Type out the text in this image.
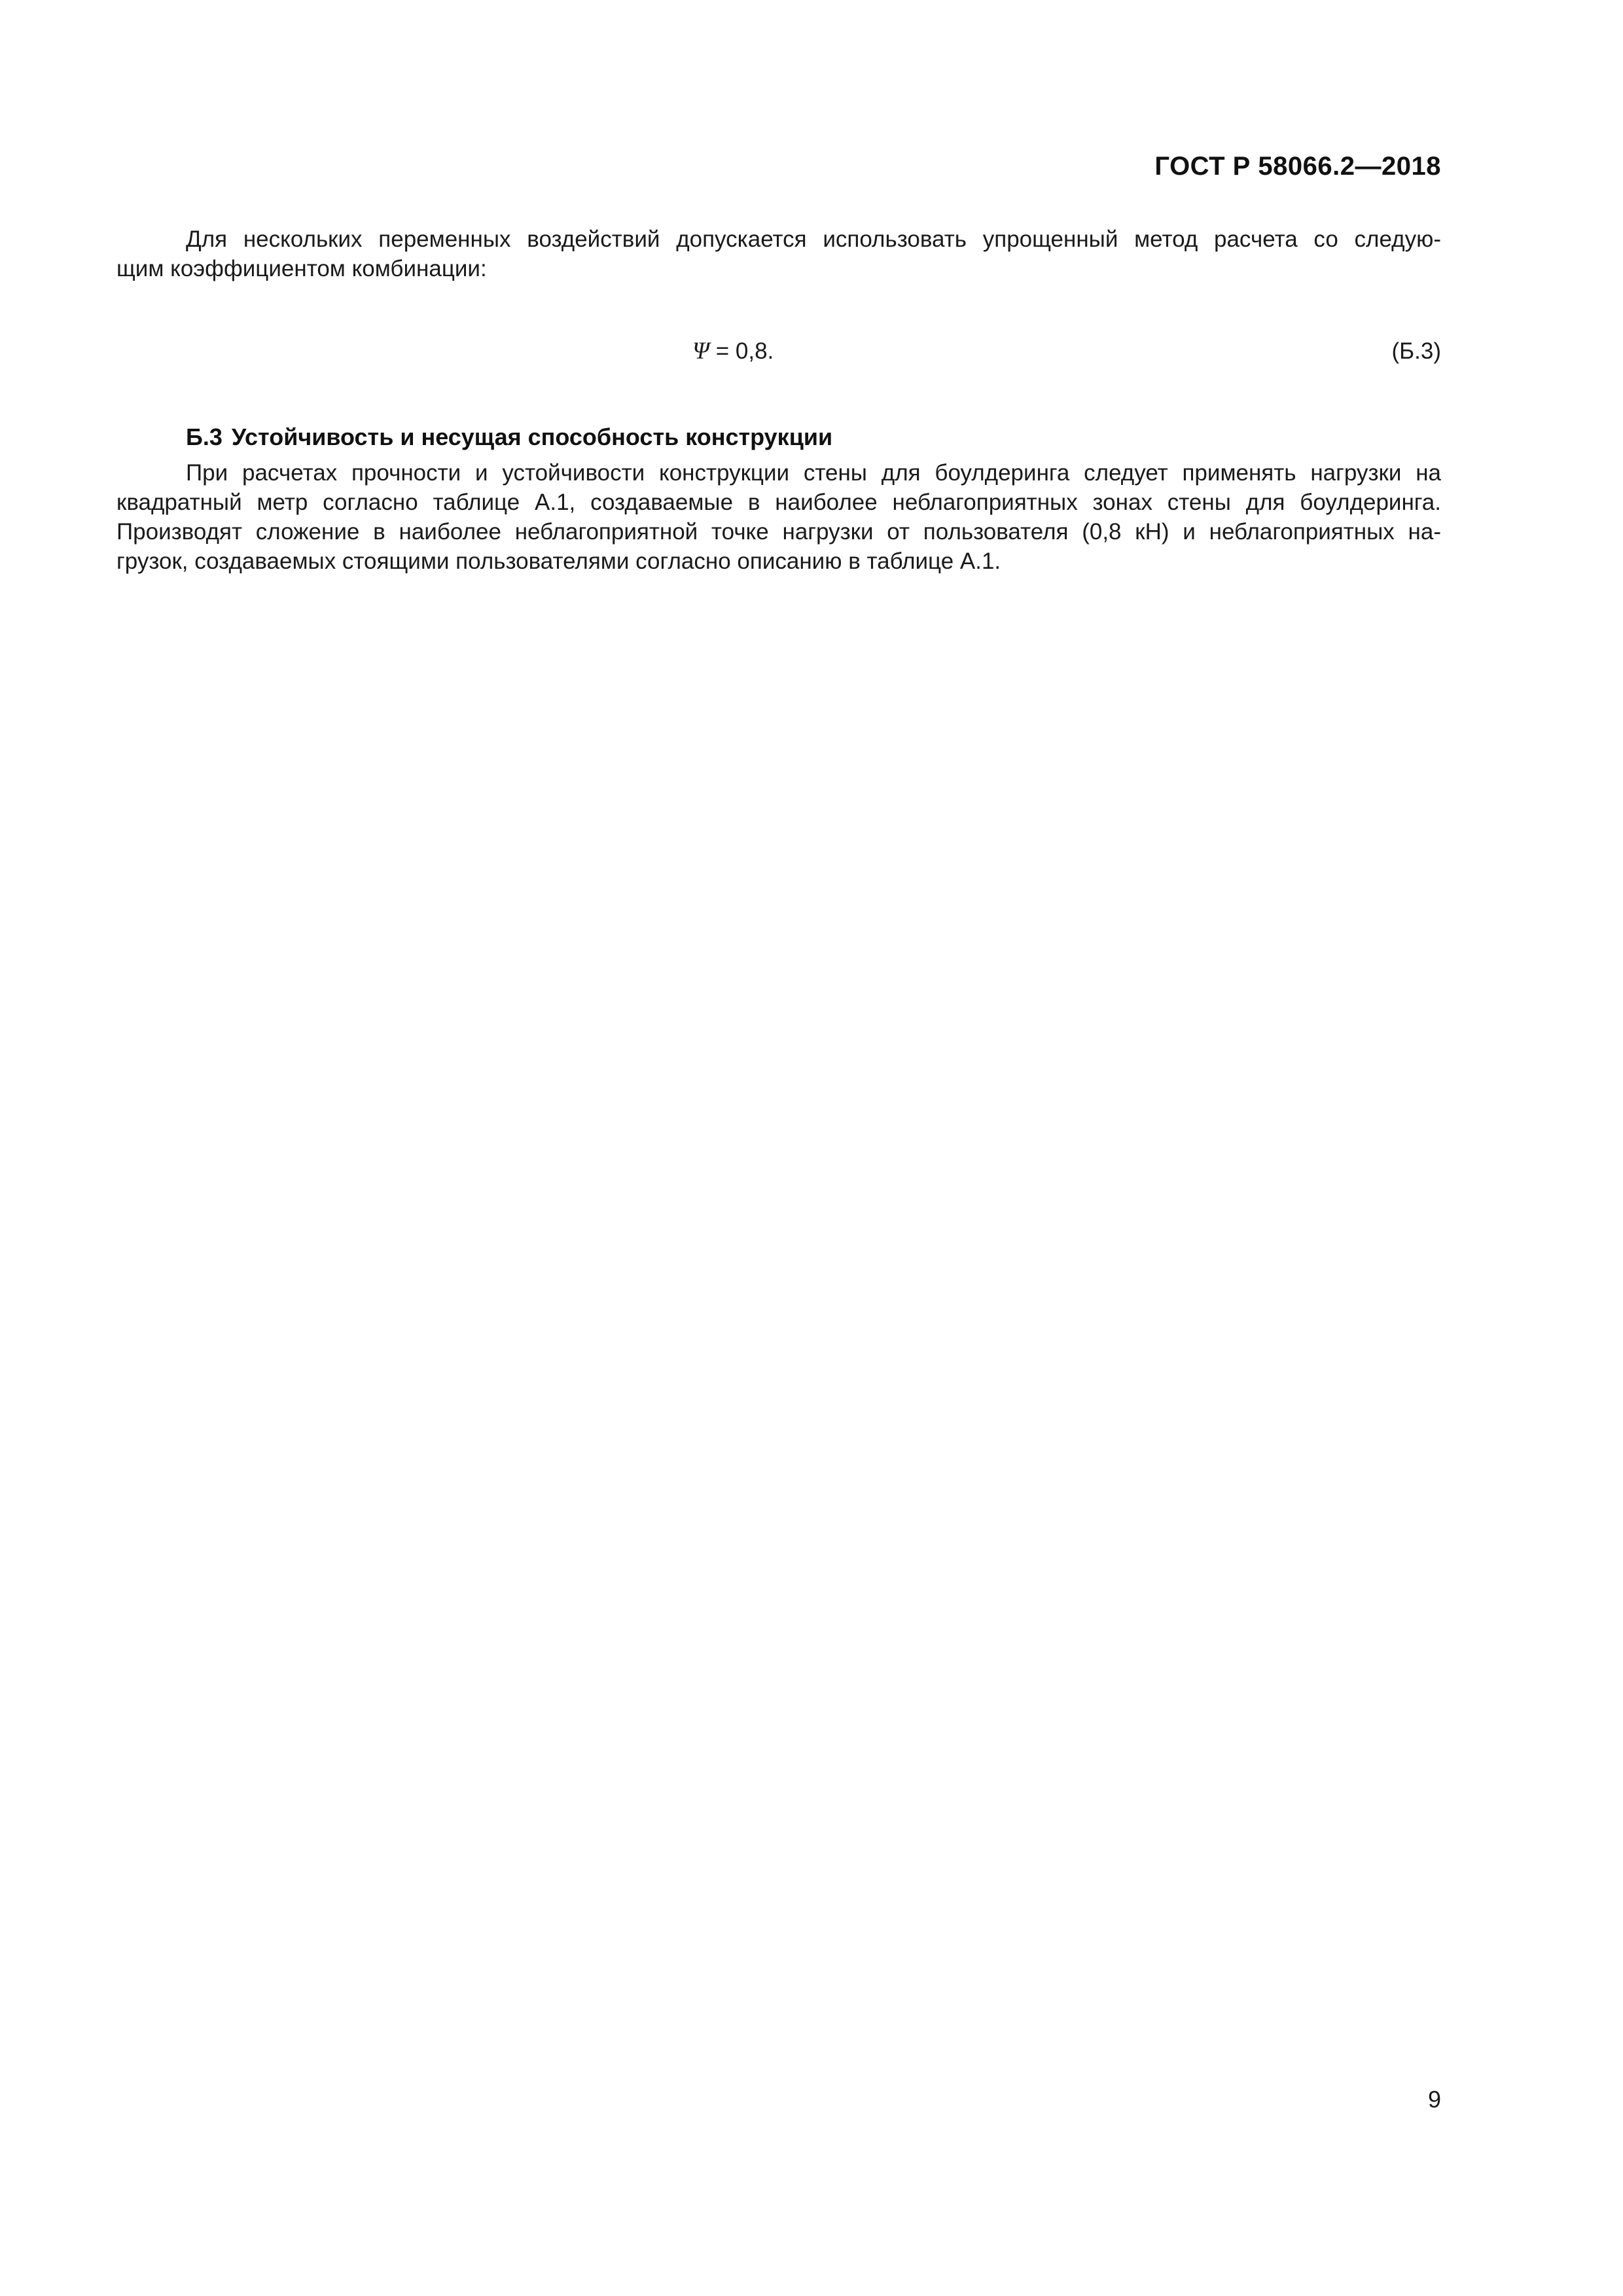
ГОСТ Р 58066.2—2018
Для нескольких переменных воздействий допускается использовать упрощенный метод расчета со следую-
щим коэффициентом комбинации:
Ψ = 0,8.	(Б.3)
Б.3 Устойчивость и несущая способность конструкции
При расчетах прочности и устойчивости конструкции стены для боулдеринга следует применять нагрузки на
квадратный метр согласно таблице А.1, создаваемые в наиболее неблагоприятных зонах стены для боулдеринга.
Производят сложение в наиболее неблагоприятной точке нагрузки от пользователя (0,8 кН) и неблагоприятных на-
грузок, создаваемых стоящими пользователями согласно описанию в таблице А.1.
9
